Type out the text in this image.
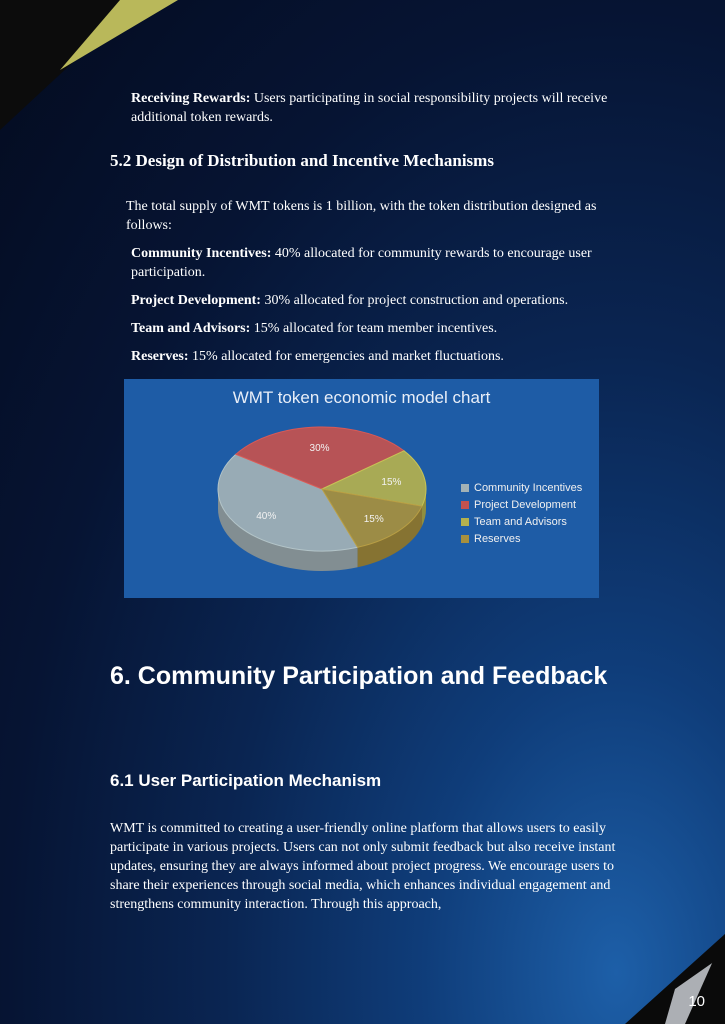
Receiving Rewards: Users participating in social responsibility projects will receive additional token rewards.

5.2 Design of Distribution and Incentive Mechanisms

The total supply of WMT tokens is 1 billion, with the token distribution designed as follows:

Community Incentives: 40% allocated for community rewards to encourage user participation.

Project Development: 30% allocated for project construction and operations.

Team and Advisors: 15% allocated for team member incentives.

Reserves: 15% allocated for emergencies and market fluctuations.

WMT token economic model chart
40%
30%
15%
15%
Community Incentives
Project Development
Team and Advisors
Reserves
6. Community Participation and Feedback
6.1 User Participation Mechanism

WMT is committed to creating a user-friendly online platform that allows users to easily participate in various projects. Users can not only submit feedback but also receive instant updates, ensuring they are always informed about project progress. We encourage users to share their experiences through social media, which enhances individual engagement and strengthens community interaction. Through this approach,

10
